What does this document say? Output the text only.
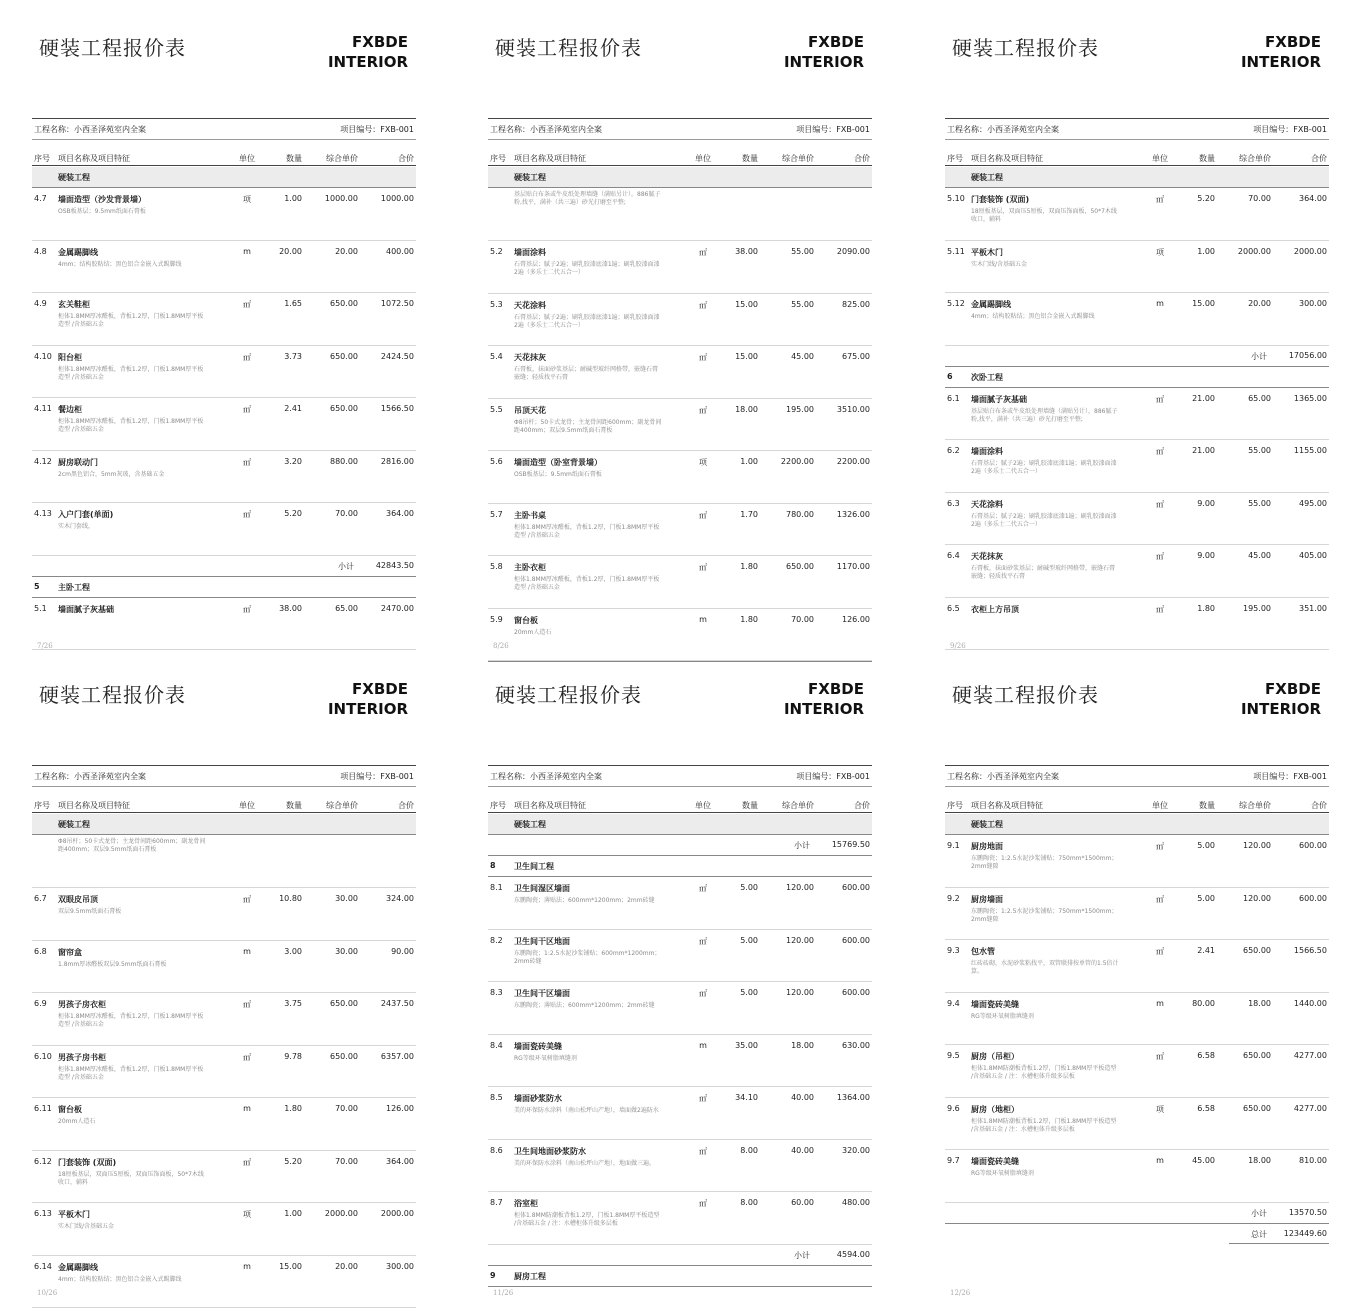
硬装工程报价表	FXBDE
INTERIOR
工程名称：小西圣泽苑室内全案	项目编号：FXB-001
序号 项目名称及项目特征	单位	数量	综合单价	合价
硬装工程
4.7 墙面造型（沙发背景墙）	项	1.00	1000.00	1000.00
OSB板基层；9.5mm纸面石膏板
4.8 金属踢脚线	m	20.00	20.00	400.00
4mm；结构胶粘结；黑色铝合金嵌入式踢脚线
4.9 玄关鞋柜	㎡	1.65	650.00	1072.50
柜体1.8MM厚冰醛板，背板1.2厚，门板1.8MM厚平板造型 /含基础五金
4.10 阳台柜	㎡	3.73	650.00	2424.50
柜体1.8MM厚冰醛板，背板1.2厚，门板1.8MM厚平板造型 /含基础五金
4.11 餐边柜	㎡	2.41	650.00	1566.50
柜体1.8MM厚冰醛板，背板1.2厚，门板1.8MM厚平板造型 /含基础五金
4.12 厨房联动门	㎡	3.20	880.00	2816.00
2cm黑色铝合，5mm灰玻，含基础五金
4.13 入户门套(单面)	㎡	5.20	70.00	364.00
实木门套线，
小计	42843.50
5 主卧工程
5.1 墙面腻子灰基础	㎡	38.00	65.00	2470.00
7/26
硬装工程报价表	FXBDE
INTERIOR
工程名称：小西圣泽苑室内全案	项目编号：FXB-001
序号 项目名称及项目特征	单位	数量	综合单价	合价
硬装工程
基层贴白布条或牛皮纸处理墙缝（满贴另计），886腻子粉,找平，满补（共三遍）砂光打磨至平整;
5.2 墙面涂料	㎡	38.00	55.00	2090.00
石膏基层；腻子2遍；刷乳胶漆底漆1遍；刷乳胶漆面漆2遍（多乐士二代五合一）
5.3 天花涂料	㎡	15.00	55.00	825.00
石膏基层；腻子2遍；刷乳胶漆底漆1遍；刷乳胶漆面漆2遍（多乐士二代五合一）
5.4 天花抹灰	㎡	15.00	45.00	675.00
石膏板，抹面砂浆基层；耐碱型玻纤网格带，嵌缝石膏嵌缝；轻质找平石膏
5.5 吊顶天花	㎡	18.00	195.00	3510.00
Φ8吊杆；50卡式龙骨；主龙骨间距600mm；副龙骨间距400mm；双层9.5mm纸面石膏板
5.6 墙面造型（卧室背景墙）	项	1.00	2200.00	2200.00
OSB板基层；9.5mm纸面石膏板
5.7 主卧书桌	㎡	1.70	780.00	1326.00
柜体1.8MM厚冰醛板，背板1.2厚，门板1.8MM厚平板造型 /含基础五金
5.8 主卧衣柜	㎡	1.80	650.00	1170.00
柜体1.8MM厚冰醛板，背板1.2厚，门板1.8MM厚平板造型 /含基础五金
5.9 窗台板	m	1.80	70.00	126.00
20mm人造石
8/26
硬装工程报价表	FXBDE
INTERIOR
工程名称：小西圣泽苑室内全案	项目编号：FXB-001
序号 项目名称及项目特征	单位	数量	综合单价	合价
硬装工程
5.10 门套装饰 (双面)	㎡	5.20	70.00	364.00
18厘板基层，双面压5厘板，双面压饰面板，50*7木线收口，辅料
5.11 平板木门	项	1.00	2000.00	2000.00
实木门线/含基础五金
5.12 金属踢脚线	m	15.00	20.00	300.00
4mm；结构胶粘结；黑色铝合金嵌入式踢脚线
小计	17056.00
6 次卧工程
6.1 墙面腻子灰基础	㎡	21.00	65.00	1365.00
基层贴白布条或牛皮纸处理墙缝（满贴另计），886腻子粉,找平，满补（共三遍）砂光打磨至平整;
6.2 墙面涂料	㎡	21.00	55.00	1155.00
石膏基层；腻子2遍；刷乳胶漆底漆1遍；刷乳胶漆面漆2遍（多乐士二代五合一）
6.3 天花涂料	㎡	9.00	55.00	495.00
石膏基层；腻子2遍；刷乳胶漆底漆1遍；刷乳胶漆面漆2遍（多乐士二代五合一）
6.4 天花抹灰	㎡	9.00	45.00	405.00
石膏板，抹面砂浆基层；耐碱型玻纤网格带，嵌缝石膏嵌缝；轻质找平石膏
6.5 衣柜上方吊顶	㎡	1.80	195.00	351.00
9/26
硬装工程报价表	FXBDE
INTERIOR
工程名称：小西圣泽苑室内全案	项目编号：FXB-001
序号 项目名称及项目特征	单位	数量	综合单价	合价
硬装工程
Φ8吊杆；50卡式龙骨；主龙骨间距600mm；副龙骨间距400mm；双层9.5mm纸面石膏板
6.7 双眼皮吊顶	㎡	10.80	30.00	324.00
双层9.5mm纸面石膏板
6.8 窗帘盒	m	3.00	30.00	90.00
1.8mm厚冰醛板双层9.5mm纸面石膏板
6.9 男孩子房衣柜	㎡	3.75	650.00	2437.50
柜体1.8MM厚冰醛板，背板1.2厚，门板1.8MM厚平板造型 /含基础五金
6.10 男孩子房书柜	㎡	9.78	650.00	6357.00
柜体1.8MM厚冰醛板，背板1.2厚，门板1.8MM厚平板造型 /含基础五金
6.11 窗台板	m	1.80	70.00	126.00
20mm人造石
6.12 门套装饰 (双面)	㎡	5.20	70.00	364.00
18厘板基层，双面压5厘板，双面压饰面板，50*7木线收口，辅料
6.13 平板木门	项	1.00	2000.00	2000.00
实木门线/含基础五金
6.14 金属踢脚线	m	15.00	20.00	300.00
4mm；结构胶粘结；黑色铝合金嵌入式踢脚线
10/26
硬装工程报价表	FXBDE
INTERIOR
工程名称：小西圣泽苑室内全案	项目编号：FXB-001
序号 项目名称及项目特征	单位	数量	综合单价	合价
硬装工程
小计	15769.50
8 卫生间工程
8.1 卫生间湿区墙面	㎡	5.00	120.00	600.00
东鹏陶瓷；薄贴法；600mm*1200mm；2mm砖缝
8.2 卫生间干区地面	㎡	5.00	120.00	600.00
东鹏陶瓷；1:2.5水泥沙浆铺贴；600mm*1200mm；2mm砖缝
8.3 卫生间干区墙面	㎡	5.00	120.00	600.00
东鹏陶瓷；薄贴法；600mm*1200mm；2mm砖缝
8.4 墙面瓷砖美缝	m	35.00	18.00	630.00
RG等级环氧树脂填缝剂
8.5 墙面砂浆防水	㎡	34.10	40.00	1364.00
美的环保防水涂料（南山松坪山产地），墙面做2遍防水
8.6 卫生间地面砂浆防水	㎡	8.00	40.00	320.00
美的环保防水涂料（南山松坪山产地），地面做三遍。
8.7 浴室柜	㎡	8.00	60.00	480.00
柜体1.8MM防潮板背板1.2厚，门板1.8MM厚平板造型 /含基础五金 / 注：水槽柜体升级多层板
小计	4594.00
9 厨房工程
11/26
硬装工程报价表	FXBDE
INTERIOR
工程名称：小西圣泽苑室内全案	项目编号：FXB-001
序号 项目名称及项目特征	单位	数量	综合单价	合价
硬装工程
9.1 厨房地面	㎡	5.00	120.00	600.00
东鹏陶瓷；1:2.5水泥沙浆铺贴；750mm*1500mm；2mm缝隙
9.2 厨房墙面	㎡	5.00	120.00	600.00
东鹏陶瓷；1:2.5水泥沙浆铺贴；750mm*1500mm；2mm缝隙
9.3 包水管	㎡	2.41	650.00	1566.50
红砖砖砌，水泥砂浆粘找平，双管联排按单管的1.5倍计算。
9.4 墙面瓷砖美缝	m	80.00	18.00	1440.00
RG等级环氧树脂填缝剂
9.5 厨房（吊柜）	㎡	6.58	650.00	4277.00
柜体1.8MM防潮板背板1.2厚，门板1.8MM厚平板造型 /含基础五金 / 注：水槽柜体升级多层板
9.6 厨房（地柜）	项	6.58	650.00	4277.00
柜体1.8MM防潮板背板1.2厚，门板1.8MM厚平板造型 /含基础五金 / 注：水槽柜体升级多层板
9.7 墙面瓷砖美缝	m	45.00	18.00	810.00
RG等级环氧树脂填缝剂
小计	13570.50
总计 123449.60
12/26
